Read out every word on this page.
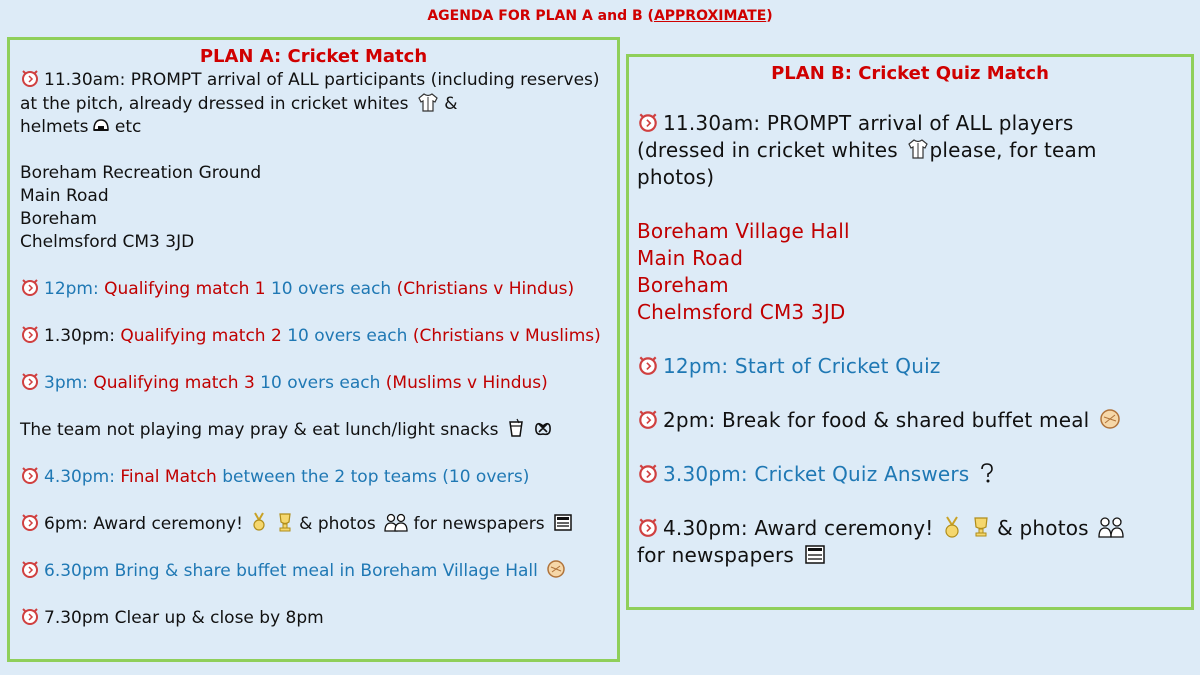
AGENDA FOR PLAN A and B (APPROXIMATE)
PLAN A: Cricket Match
11.30am: PROMPT arrival of ALL participants (including reserves) at the pitch, already dressed in cricket whites  &
helmets etc
Boreham Recreation Ground
Main Road
Boreham
Chelmsford CM3 3JD
12pm: Qualifying match 1 10 overs each (Christians v Hindus)
1.30pm: Qualifying match 2 10 overs each (Christians v Muslims)
3pm: Qualifying match 3 10 overs each (Muslims v Hindus)
The team not playing may pray & eat lunch/light snacks
4.30pm: Final Match between the 2 top teams (10 overs)
6pm: Award ceremony!	& photos  for newspapers
6.30pm Bring & share buffet meal in Boreham Village Hall
7.30pm Clear up & close by 8pm
PLAN B: Cricket Quiz Match
11.30am: PROMPT arrival of ALL players
(dressed in cricket whites please, for team
photos)
Boreham Village Hall
Main Road
Boreham
Chelmsford CM3 3JD
12pm: Start of Cricket Quiz
2pm: Break for food & shared buffet meal
3.30pm: Cricket Quiz Answers
4.30pm: Award ceremony!	& photos
for newspapers
